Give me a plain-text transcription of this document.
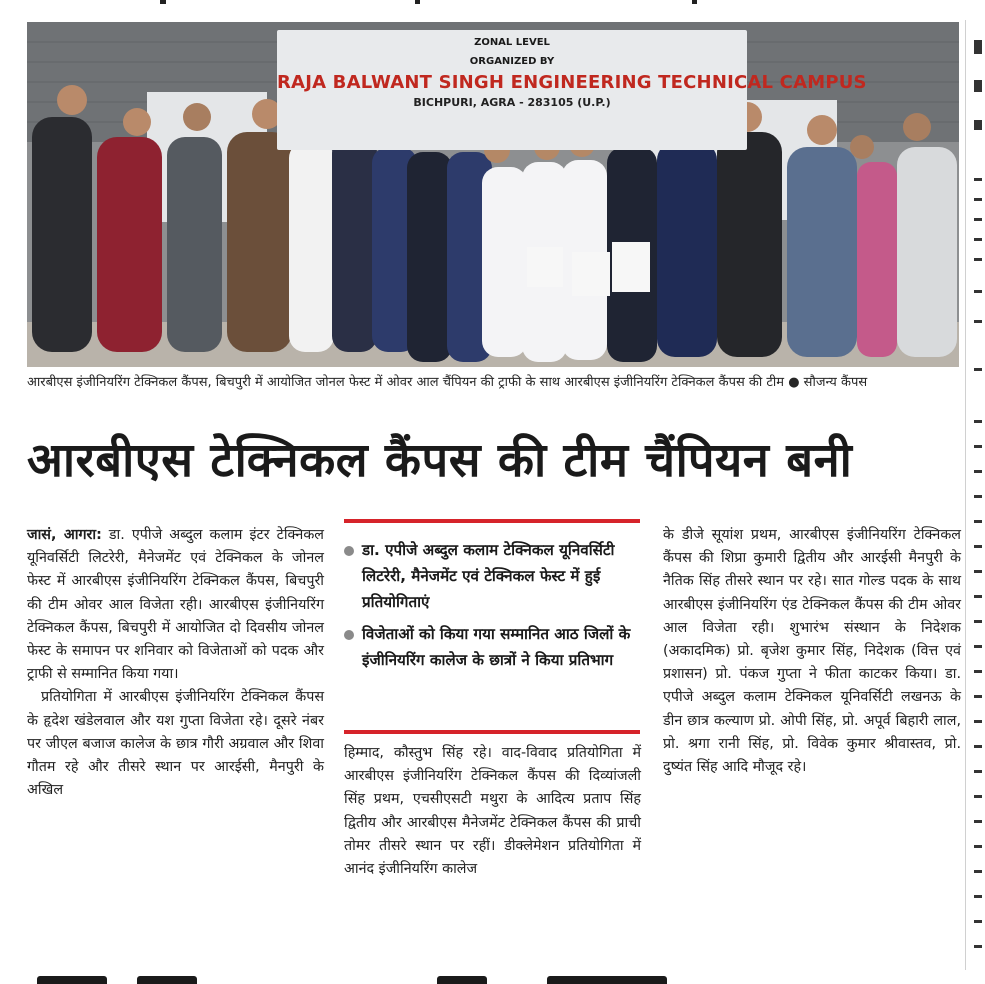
ZONAL LEVEL
ORGANIZED BY
RAJA BALWANT SINGH ENGINEERING TECHNICAL CAMPUS
BICHPURI, AGRA - 283105 (U.P.)
आरबीएस इंजीनियरिंग टेक्निकल कैंपस, बिचपुरी में आयोजित जोनल फेस्ट में ओवर आल चैंपियन की ट्राफी के साथ आरबीएस इंजीनियरिंग टेक्निकल कैंपस की टीम ● सौजन्य कैंपस
आरबीएस टेक्निकल कैंपस की टीम चैंपियन बनी

जासं, आगरा: डा. एपीजे अब्दुल कलाम इंटर टेक्निकल यूनिवर्सिटी लिटरेरी, मैनेजमेंट एवं टेक्निकल के जोनल फेस्ट में आरबीएस इंजीनियरिंग टेक्निकल कैंपस, बिचपुरी की टीम ओवर आल विजेता रही। आरबीएस इंजीनियरिंग टेक्निकल कैंपस, बिचपुरी में आयोजित दो दिवसीय जोनल फेस्ट के समापन पर शनिवार को विजेताओं को पदक और ट्राफी से सम्मानित किया गया।

प्रतियोगिता में आरबीएस इंजीनियरिंग टेक्निकल कैंपस के हृदेश खंडेलवाल और यश गुप्ता विजेता रहे। दूसरे नंबर पर जीएल बजाज कालेज के छात्र गौरी अग्रवाल और शिवा गौतम रहे और तीसरे स्थान पर आरईसी, मैनपुरी के अखिल

डा. एपीजे अब्दुल कलाम टेक्निकल यूनिवर्सिटी लिटरेरी, मैनेजमेंट एवं टेक्निकल फेस्ट में हुई प्रतियोगिताएं
विजेताओं को किया गया सम्मानित आठ जिलों के इंजीनियरिंग कालेज के छात्रों ने किया प्रतिभाग

हिम्माद, कौस्तुभ सिंह रहे। वाद-विवाद प्रतियोगिता में आरबीएस इंजीनियरिंग टेक्निकल कैंपस की दिव्यांजली सिंह प्रथम, एचसीएसटी मथुरा के आदित्य प्रताप सिंह द्वितीय और आरबीएस मैनेजमेंट टेक्निकल कैंपस की प्राची तोमर तीसरे स्थान पर रहीं। डीक्लेमेशन प्रतियोगिता में आनंद इंजीनियरिंग कालेज

के डीजे सूयांश प्रथम, आरबीएस इंजीनियरिंग टेक्निकल कैंपस की शिप्रा कुमारी द्वितीय और आरईसी मैनपुरी के नैतिक सिंह तीसरे स्थान पर रहे। सात गोल्ड पदक के साथ आरबीएस इंजीनियरिंग एंड टेक्निकल कैंपस की टीम ओवर आल विजेता रही। शुभारंभ संस्थान के निदेशक (अकादमिक) प्रो. बृजेश कुमार सिंह, निदेशक (वित्त एवं प्रशासन) प्रो. पंकज गुप्ता ने फीता काटकर किया। डा. एपीजे अब्दुल कलाम टेक्निकल यूनिवर्सिटी लखनऊ के डीन छात्र कल्याण प्रो. ओपी सिंह, प्रो. अपूर्व बिहारी लाल, प्रो. श्रगा रानी सिंह, प्रो. विवेक कुमार श्रीवास्तव, प्रो. दुष्यंत सिंह आदि मौजूद रहे।
